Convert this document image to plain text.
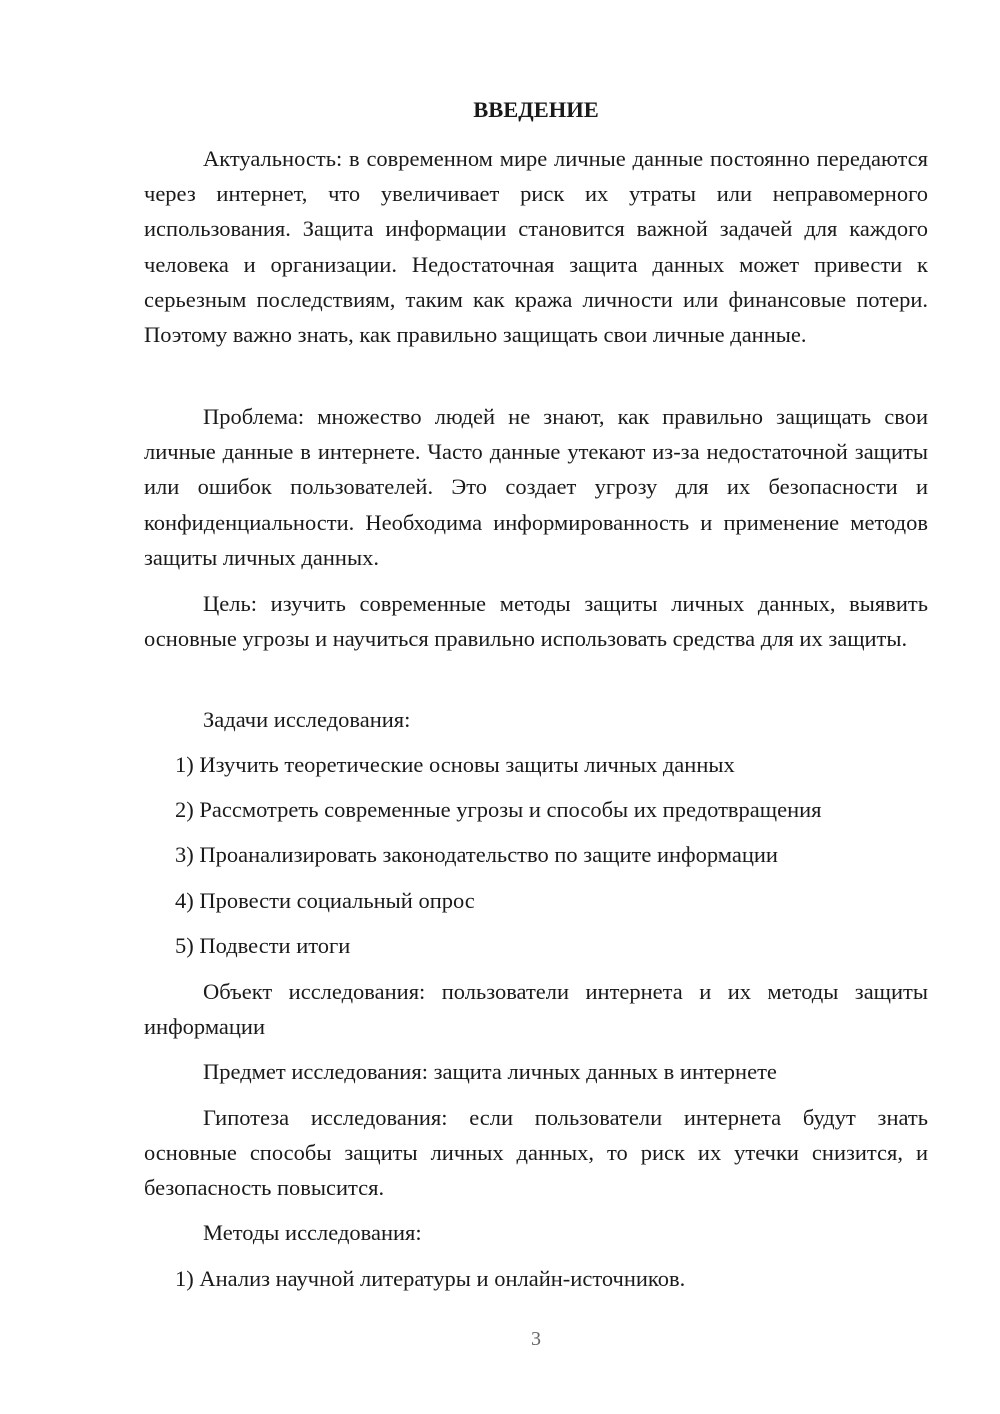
ВВЕДЕНИЕ

Актуальность: в современном мире личные данные постоянно передаются через интернет, что увеличивает риск их утраты или неправомерного использования. Защита информации становится важной задачей для каждого человека и организации. Недостаточная защита данных может привести к серьезным последствиям, таким как кража личности или финансовые потери. Поэтому важно знать, как правильно защищать свои личные данные.

Проблема: множество людей не знают, как правильно защищать свои личные данные в интернете. Часто данные утекают из-за недостаточной защиты или ошибок пользователей. Это создает угрозу для их безопасности и конфиденциальности. Необходима информированность и применение методов защиты личных данных.

Цель: изучить современные методы защиты личных данных, выявить основные угрозы и научиться правильно использовать средства для их защиты.

Задачи исследования:

1) Изучить теоретические основы защиты личных данных

2) Рассмотреть современные угрозы и способы их предотвращения

3) Проанализировать законодательство по защите информации

4) Провести социальный опрос

5) Подвести итоги

Объект исследования: пользователи интернета и их методы защиты информации

Предмет исследования: защита личных данных в интернете

Гипотеза исследования: если пользователи интернета будут знать основные способы защиты личных данных, то риск их утечки снизится, и безопасность повысится.

Методы исследования:

1) Анализ научной литературы и онлайн-источников.

3
